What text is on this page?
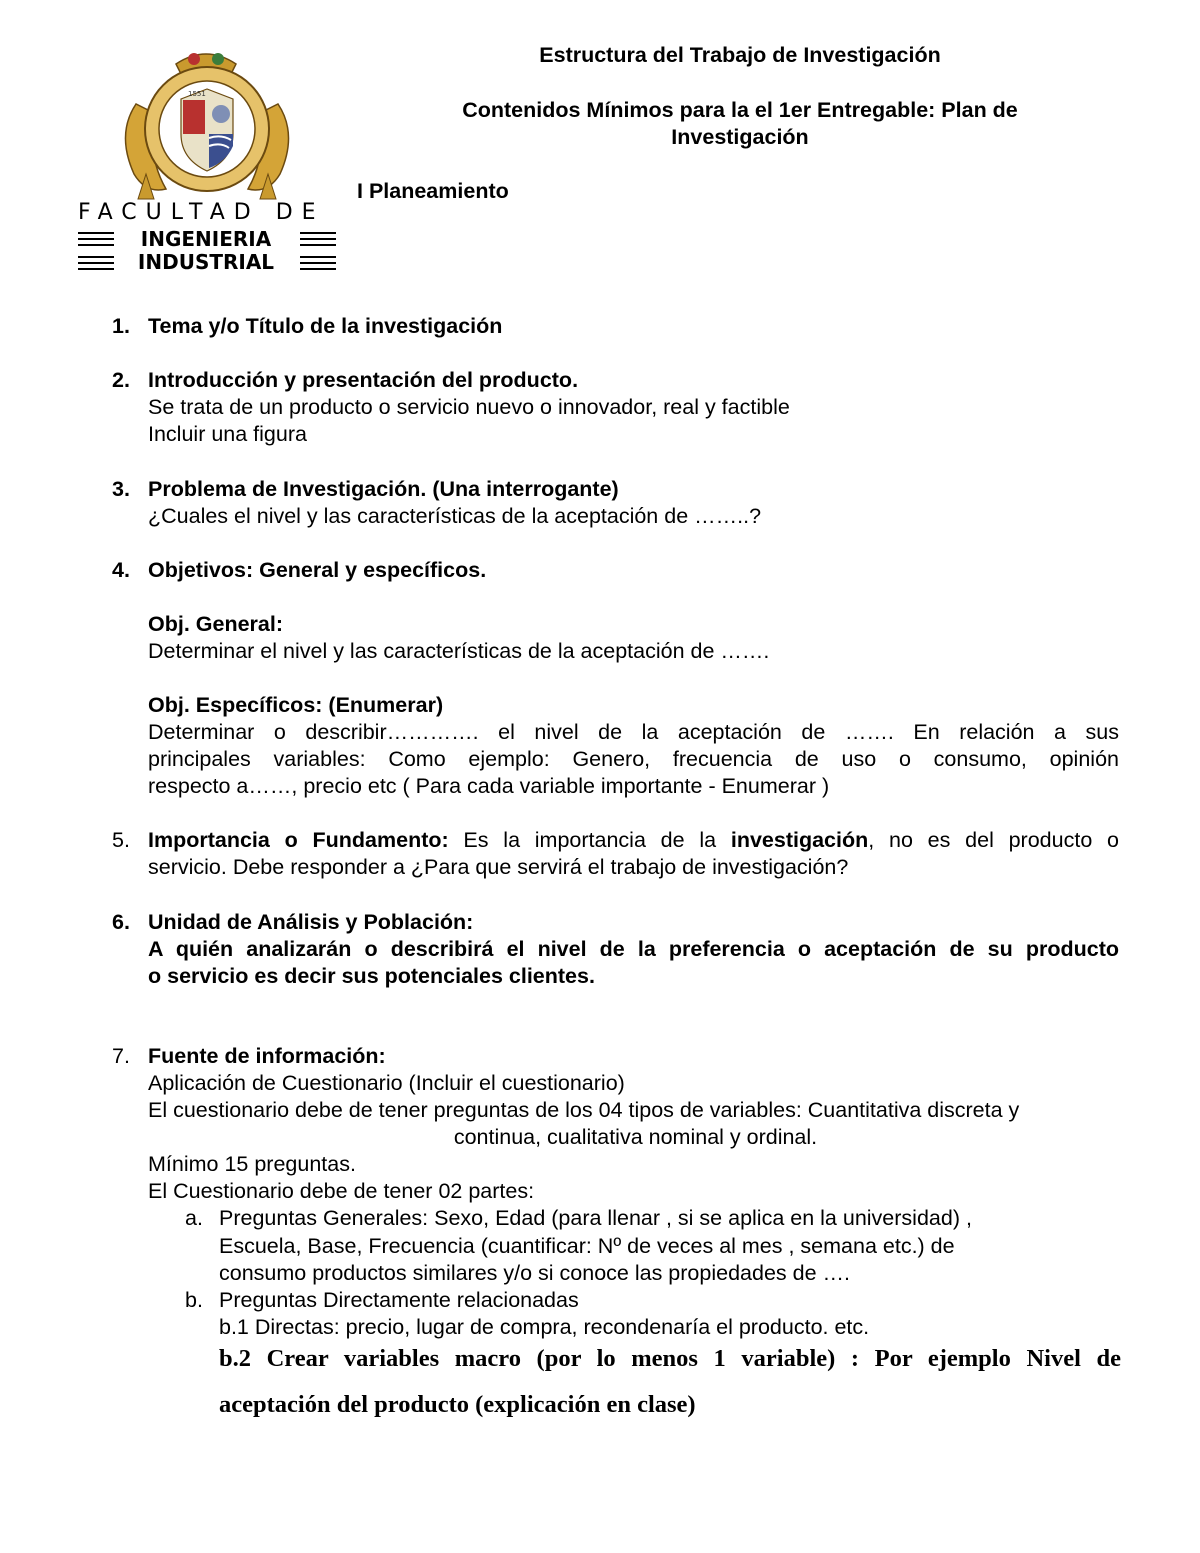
1551
FACULTAD DE
INGENIERIA
INDUSTRIAL
Estructura del Trabajo de Investigación
Contenidos Mínimos para la el 1er Entregable: Plan de
Investigación
I Planeamiento
1. Tema y/o Título de la investigación
2. Introducción y presentación del producto.
Se trata de un producto o servicio nuevo o innovador, real y factible
Incluir una figura
3. Problema de Investigación. (Una interrogante)
¿Cuales el nivel y las características de la aceptación de ……..?
4. Objetivos: General y específicos.
Obj. General:
Determinar el nivel y las características de la aceptación de …….
Obj. Específicos: (Enumerar)
Determinar o describir…………. el nivel de la aceptación de ……. En relación a sus
principales variables: Como ejemplo: Genero, frecuencia de uso o consumo, opinión
respecto a……, precio etc ( Para cada variable importante - Enumerar )
5. Importancia o Fundamento: Es la importancia de la investigación, no es del producto o
servicio. Debe responder a ¿Para que servirá el trabajo de investigación?
6. Unidad de Análisis y Población:
A quién analizarán o describirá el nivel de la preferencia o aceptación de su producto
o servicio es decir sus potenciales clientes.
7. Fuente de información:
Aplicación de Cuestionario (Incluir el cuestionario)
El cuestionario debe de tener preguntas de los 04 tipos de variables: Cuantitativa discreta y
continua, cualitativa nominal y ordinal.
Mínimo 15 preguntas.
El Cuestionario debe de tener 02 partes:
a. Preguntas Generales: Sexo, Edad (para llenar , si se aplica en la universidad) ,
Escuela, Base, Frecuencia (cuantificar: Nº de veces al mes , semana etc.) de
consumo productos similares y/o si conoce las propiedades de ….
b. Preguntas Directamente relacionadas
b.1 Directas: precio, lugar de compra, recondenaría el producto. etc.
b.2 Crear variables macro (por lo menos 1 variable) : Por ejemplo Nivel de
aceptación del producto (explicación en clase)
